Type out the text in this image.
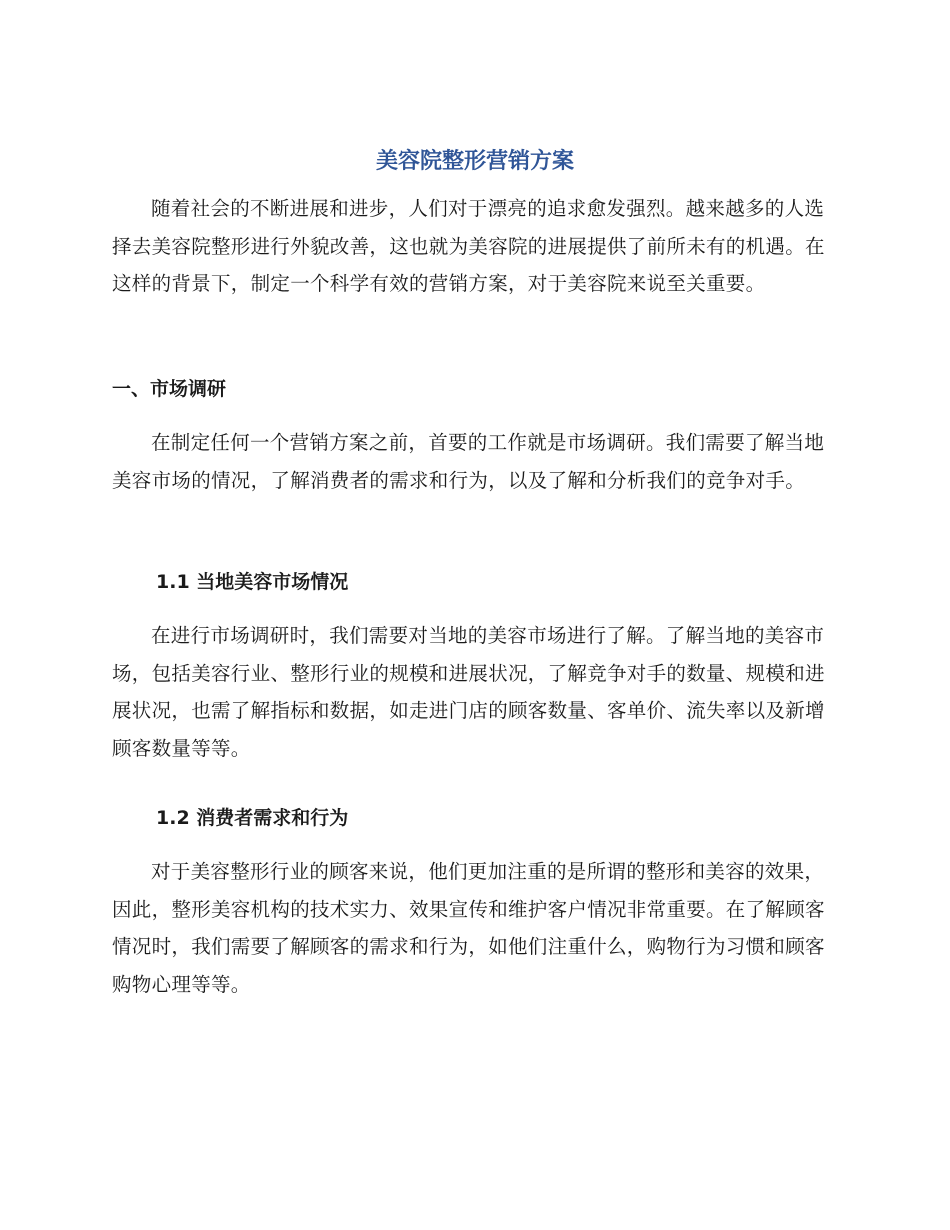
美容院整形营销方案

随着社会的不断进展和进步，人们对于漂亮的追求愈发强烈。越来越多的人选择去美容院整形进行外貌改善，这也就为美容院的进展提供了前所未有的机遇。在这样的背景下，制定一个科学有效的营销方案，对于美容院来说至关重要。

一、市场调研

在制定任何一个营销方案之前，首要的工作就是市场调研。我们需要了解当地美容市场的情况，了解消费者的需求和行为，以及了解和分析我们的竞争对手。

1.1 当地美容市场情况

在进行市场调研时，我们需要对当地的美容市场进行了解。了解当地的美容市场，包括美容行业、整形行业的规模和进展状况，了解竞争对手的数量、规模和进展状况，也需了解指标和数据，如走进门店的顾客数量、客单价、流失率以及新增顾客数量等等。

1.2 消费者需求和行为

对于美容整形行业的顾客来说，他们更加注重的是所谓的整形和美容的效果，因此，整形美容机构的技术实力、效果宣传和维护客户情况非常重要。在了解顾客情况时，我们需要了解顾客的需求和行为，如他们注重什么，购物行为习惯和顾客购物心理等等。
